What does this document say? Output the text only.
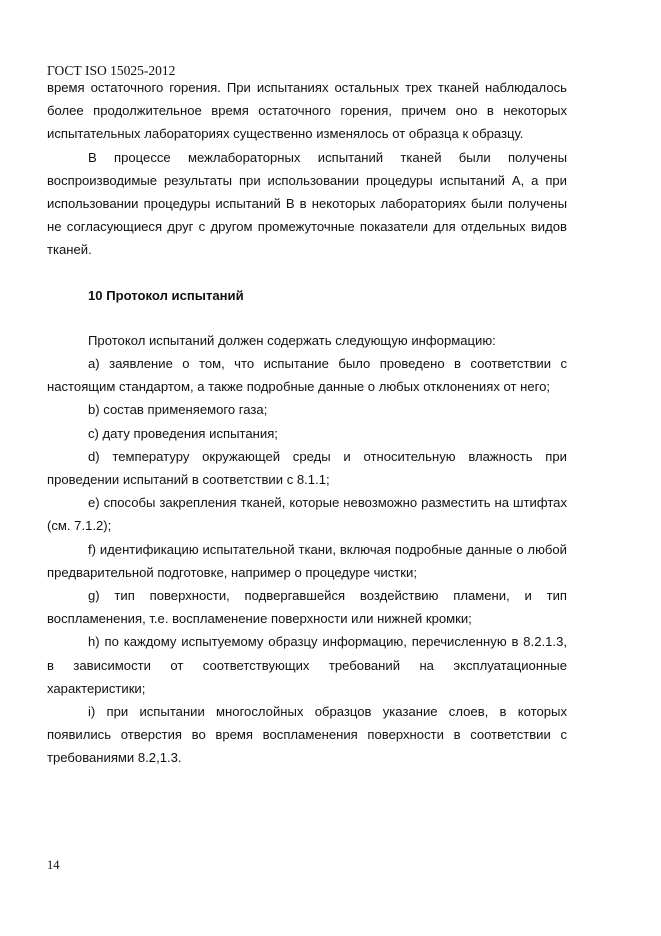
ГОСТ ISO 15025-2012

время остаточного горения. При испытаниях остальных трех тканей наблюдалось более продолжительное время остаточного горения, причем оно в некоторых испытательных лабораториях существенно изменялось от образца к образцу.

В процессе межлабораторных испытаний тканей были получены воспроизводимые результаты при использовании процедуры испытаний А, а при использовании процедуры испытаний В в некоторых лабораториях были получены не согласующиеся друг с другом промежуточные показатели для отдельных видов тканей.

10 Протокол испытаний

Протокол испытаний должен содержать следующую информацию:

a) заявление о том, что испытание было проведено в соответствии с настоящим стандартом, а также подробные данные о любых отклонениях от него;

b) состав применяемого газа;

c) дату проведения испытания;

d) температуру окружающей среды и относительную влажность при проведении испытаний в соответствии с 8.1.1;

e) способы закрепления тканей, которые невозможно разместить на штифтах (см. 7.1.2);

f) идентификацию испытательной ткани, включая подробные данные о любой предварительной подготовке, например о процедуре чистки;

g) тип поверхности, подвергавшейся воздействию пламени, и тип воспламенения, т.е. воспламенение поверхности или нижней кромки;

h) по каждому испытуемому образцу информацию, перечисленную в 8.2.1.3, в зависимости от соответствующих требований на эксплуатационные характеристики;

i) при испытании многослойных образцов указание слоев, в которых появились отверстия во время воспламенения поверхности в соответствии с требованиями 8.2,1.3.

14
